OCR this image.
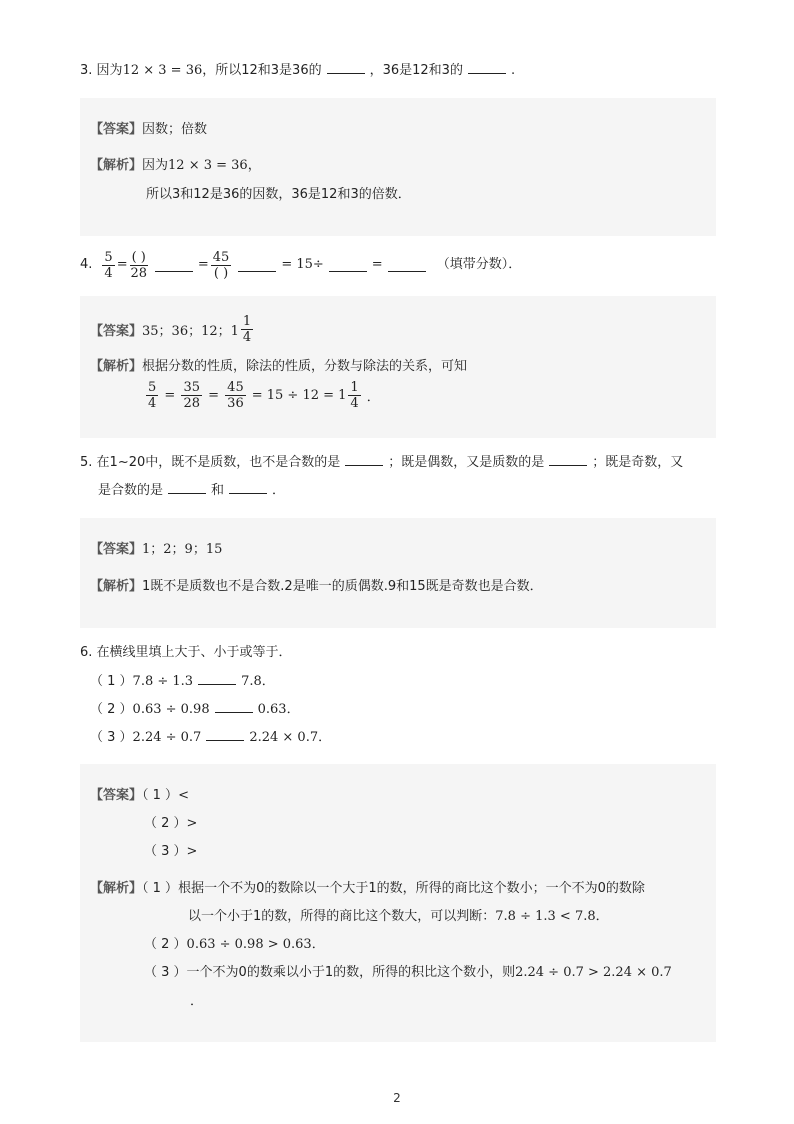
3. 因为12 × 3 = 36，所以12和3是36的	，36是12和3的	.
【答案】因数；倍数
【解析】因为12 × 3 = 36，
所以3和12是36的因数，36是12和3的倍数．
4. $\frac{5}{4} = \frac{( )}{28}$	= $\frac{45}{( )}$	= 15÷	=	（填带分数）．
【答案】 35；36；12；$1 \frac{1}{4}$
【解析】根据分数的性质，除法的性质，分数与除法的关系，可知
$\frac{5}{4} = \frac{35}{28} = \frac{45}{36} = 15 \div 12 = 1 \frac{1}{4}$ ．
5. 在1~20中，既不是质数，也不是合数的是	；既是偶数，又是质数的是	；既是奇数，又
是合数的是	和	．
【答案】1；2；9；15
【解析】1既不是质数也不是合数.2是唯一的质偶数.9和15既是奇数也是合数．
6. 在横线里填上大于、小于或等于．
（ 1 ）7.8 ÷ 1.3	7.8．
（ 2 ）0.63 ÷ 0.98	0.63．
（ 3 ）2.24 ÷ 0.7	2.24 × 0.7．
【答案】（ 1 ）<
（ 2 ）>
（ 3 ）>
【解析】（ 1 ）根据一个不为0的数除以一个大于1的数，所得的商比这个数小；一个不为0的数除
以一个小于1的数，所得的商比这个数大，可以判断：7.8 ÷ 1.3 < 7.8．
（ 2 ）0.63 ÷ 0.98 > 0.63．
（ 3 ）一个不为0的数乘以小于1的数，所得的积比这个数小，则2.24 ÷ 0.7 > 2.24 × 0.7
．
2
